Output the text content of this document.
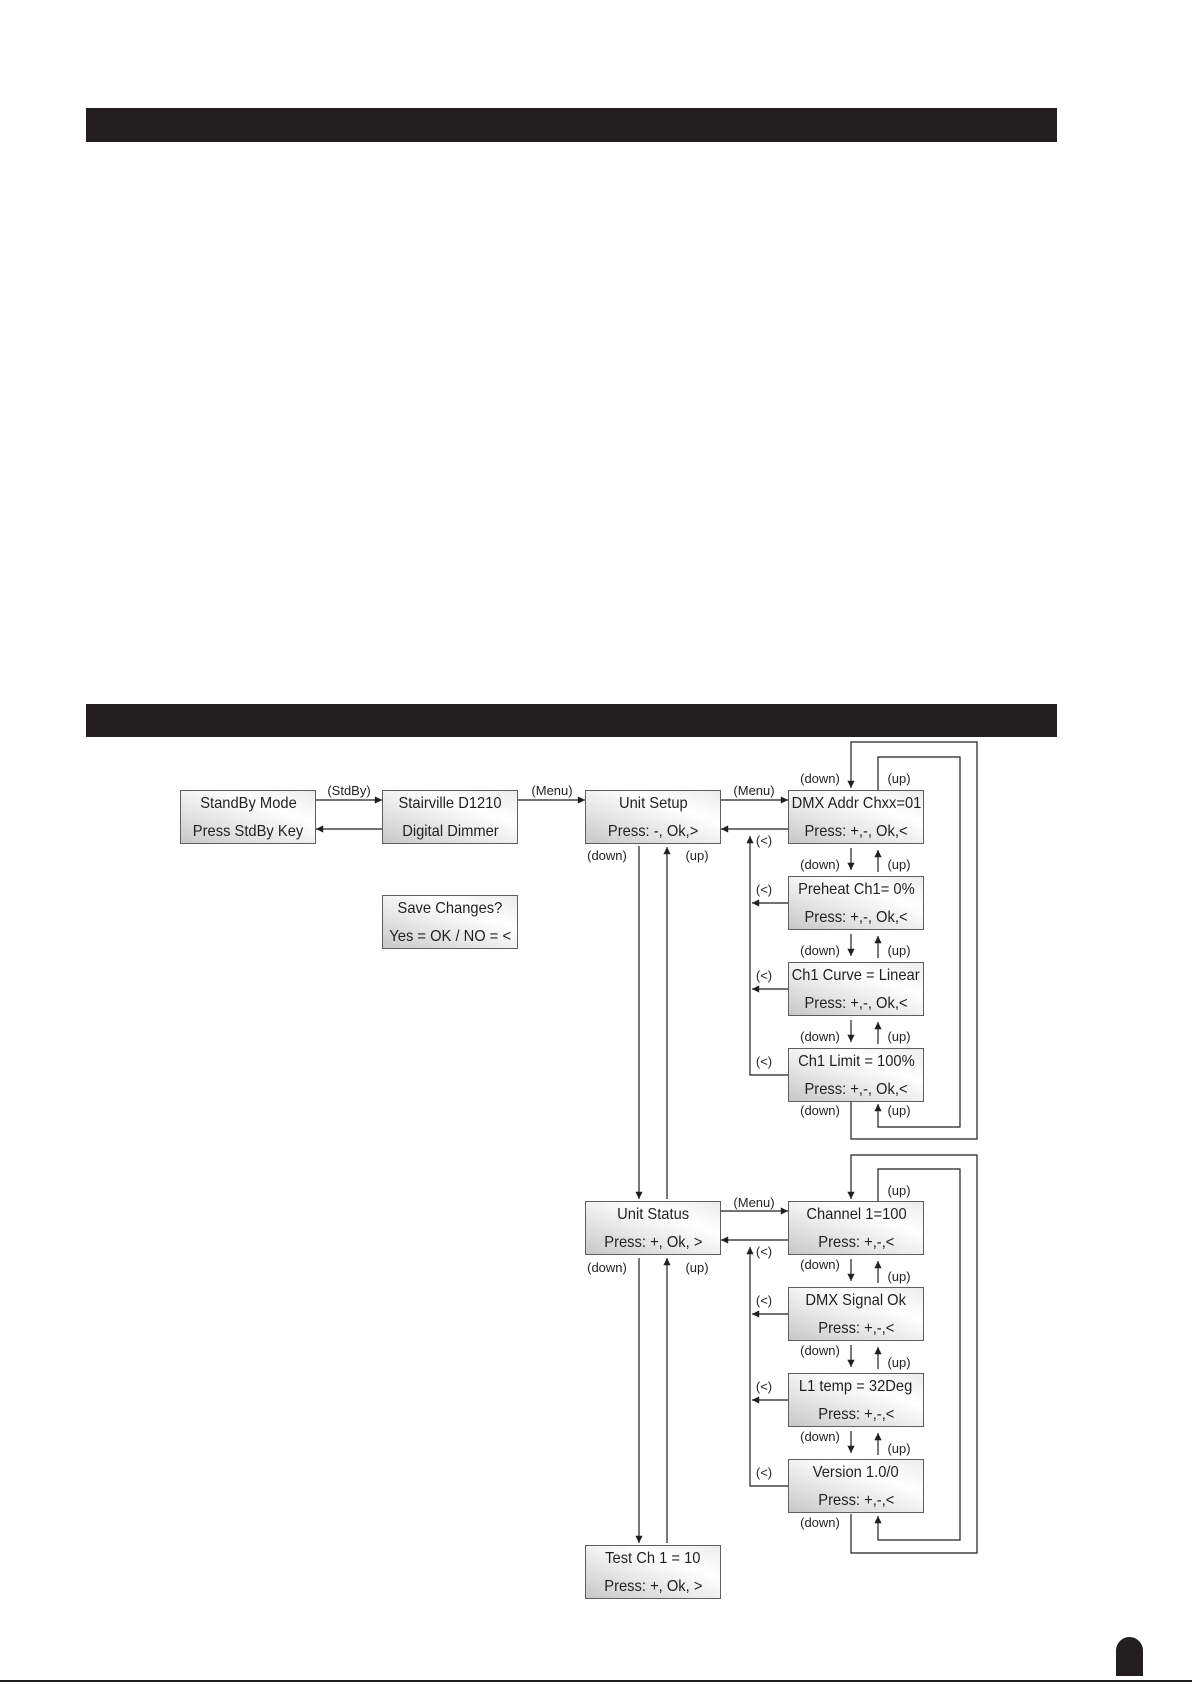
StandBy Mode
Press StdBy Key
Stairville D1210
Digital Dimmer
Unit Setup
Press: -, Ok,>
DMX Addr Chxx=01
Press: +,-, Ok,<
Save Changes?
Yes = OK / NO = <
Preheat Ch1= 0%
Press: +,-, Ok,<
Ch1 Curve = Linear
Press: +,-, Ok,<
Ch1 Limit = 100%
Press: +,-, Ok,<
Unit Status
Press: +, Ok, >
Channel 1=100
Press: +,-,<
DMX Signal Ok
Press: +,-,<
L1 temp = 32Deg
Press: +,-,<
Version 1.0/0
Press: +,-,<
Test Ch 1 = 10
Press: +, Ok, >
(StdBy)	(Menu)	(Menu)
(down)	(up)
(<)
(down)	(up)
(down)	(up)
(<)
(down)	(up)
(<)
(down)	(up)
(<)
(down)	(up)
(up)
(Menu)
(<)
(down)	(up)	(down)
(up)
(<)
(down)
(up)
(<)
(down)
(up)
(<)
(down)
